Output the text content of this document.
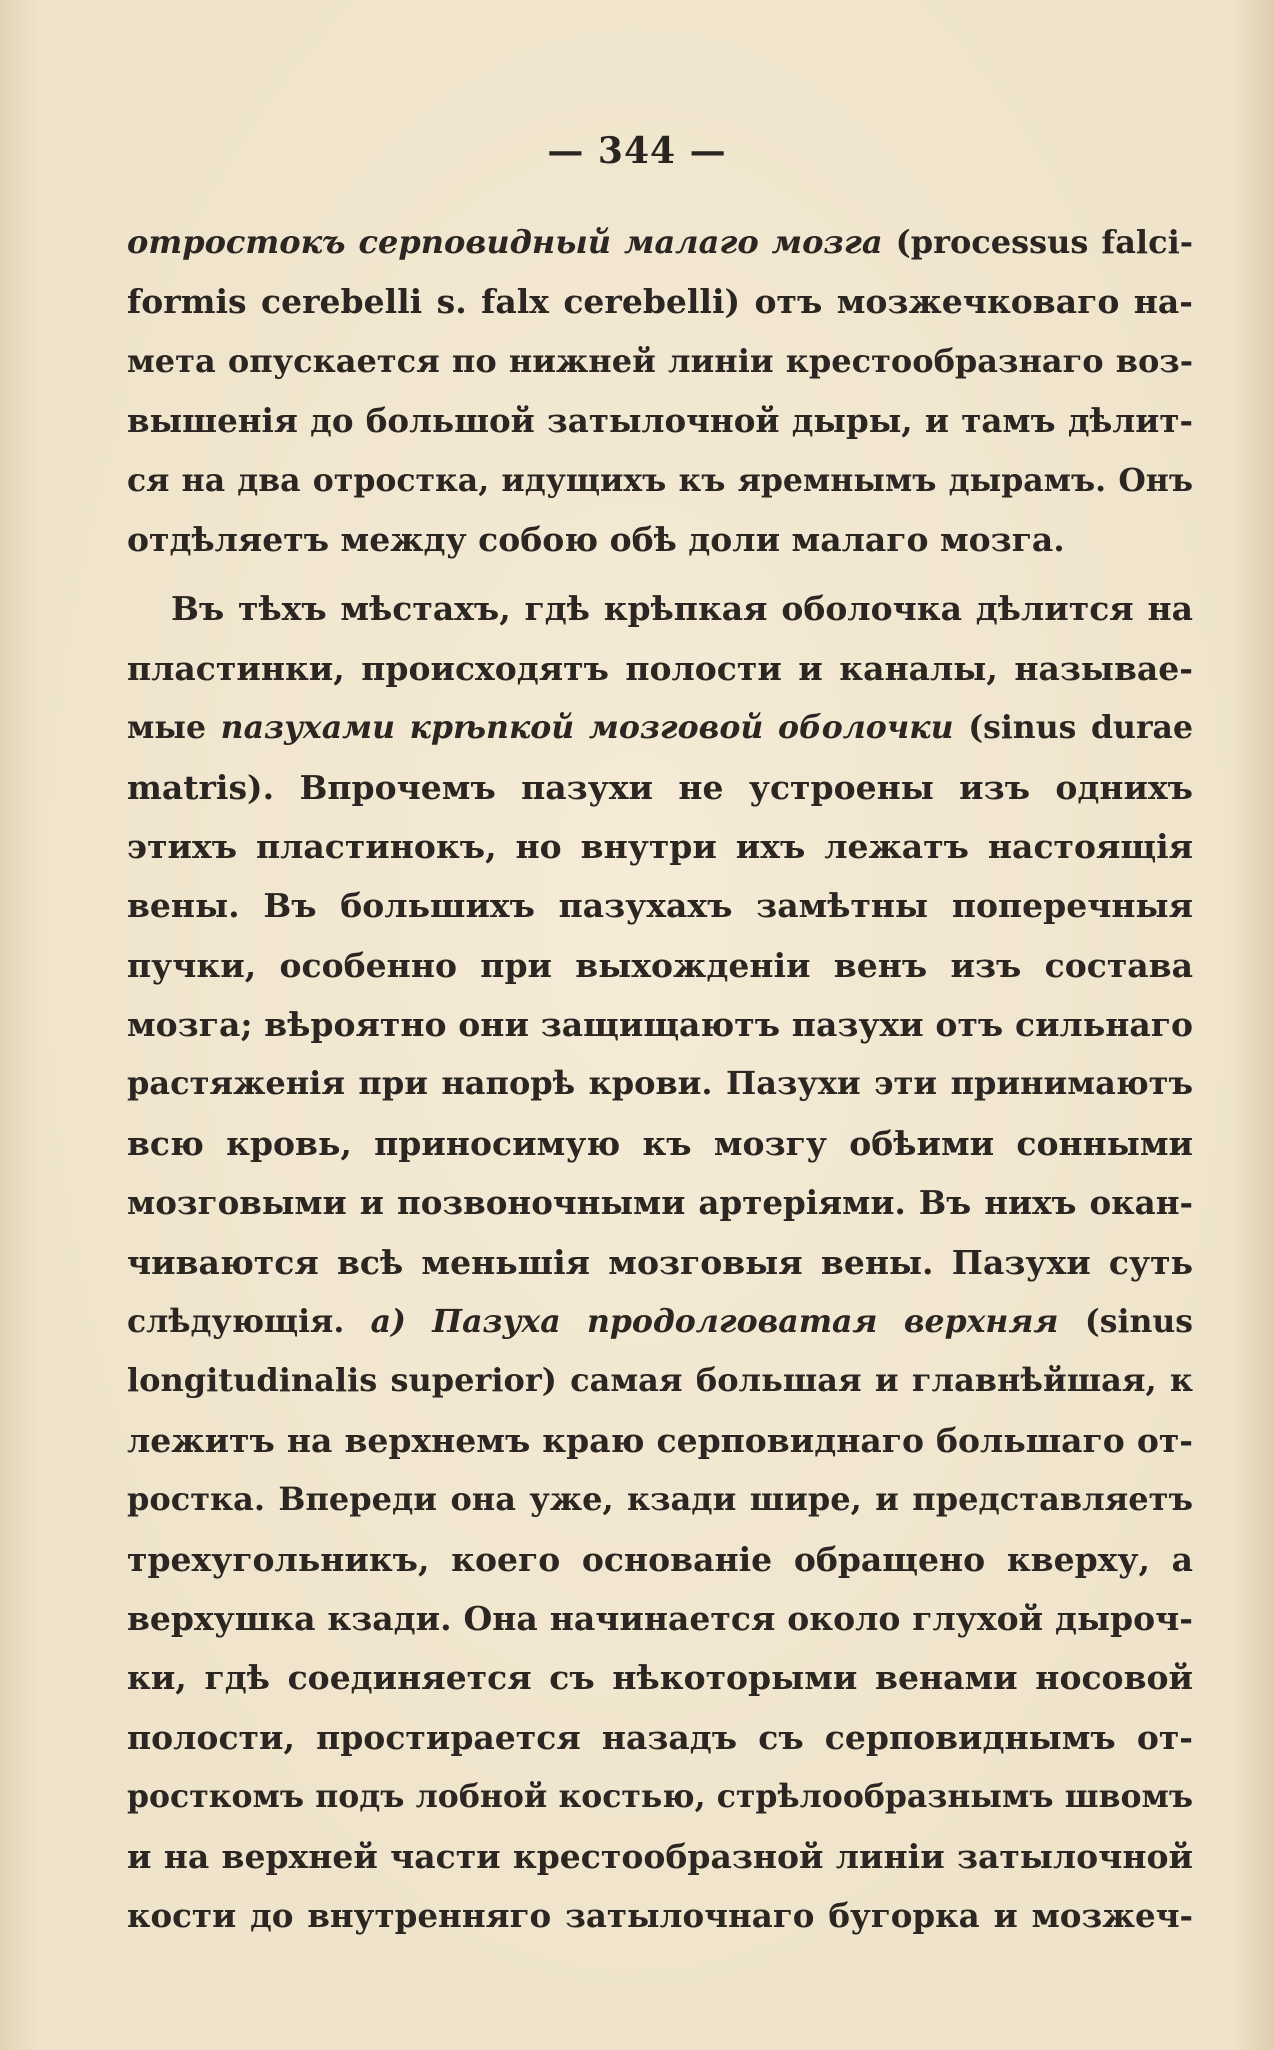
— 344 —
отростокъ серповидный малаго мозга (processus falci-
formis cerebelli s. falx cerebelli) отъ мозжечковаго на-
мета опускается по нижней линіи крестообразнаго воз-
вышенія до большой затылочной дыры, и тамъ дѣлит-
ся на два отростка, идущихъ къ яремнымъ дырамъ. Онъ
отдѣляетъ между собою обѣ доли малаго мозга.
Въ тѣхъ мѣстахъ, гдѣ крѣпкая оболочка дѣлится на
пластинки, происходятъ полости и каналы, называе-
мые пазухами крѣпкой мозговой оболочки (sinus durae
matris). Впрочемъ пазухи не устроены изъ однихъ
этихъ пластинокъ, но внутри ихъ лежатъ настоящія
вены. Въ большихъ пазухахъ замѣтны поперечныя
пучки, особенно при выхожденіи венъ изъ состава
мозга; вѣроятно они защищаютъ пазухи отъ сильнаго
растяженія при напорѣ крови. Пазухи эти принимаютъ
всю кровь, приносимую къ мозгу обѣими сонными
мозговыми и позвоночными артеріями. Въ нихъ окан-
чиваются всѣ меньшія мозговыя вены. Пазухи суть
слѣдующія. a) Пазуха продолговатая верхняя (sinus
longitudinalis superior) самая большая и главнѣйшая, к
лежитъ на верхнемъ краю серповиднаго большаго от-
ростка. Впереди она уже, кзади шире, и представляетъ
трехугольникъ, коего основаніе обращено кверху, а
верхушка кзади. Она начинается около глухой дыроч-
ки, гдѣ соединяется съ нѣкоторыми венами носовой
полости, простирается назадъ съ серповиднымъ от-
росткомъ подъ лобной костью, стрѣлообразнымъ швомъ
и на верхней части крестообразной линіи затылочной
кости до внутренняго затылочнаго бугорка и мозжеч-
